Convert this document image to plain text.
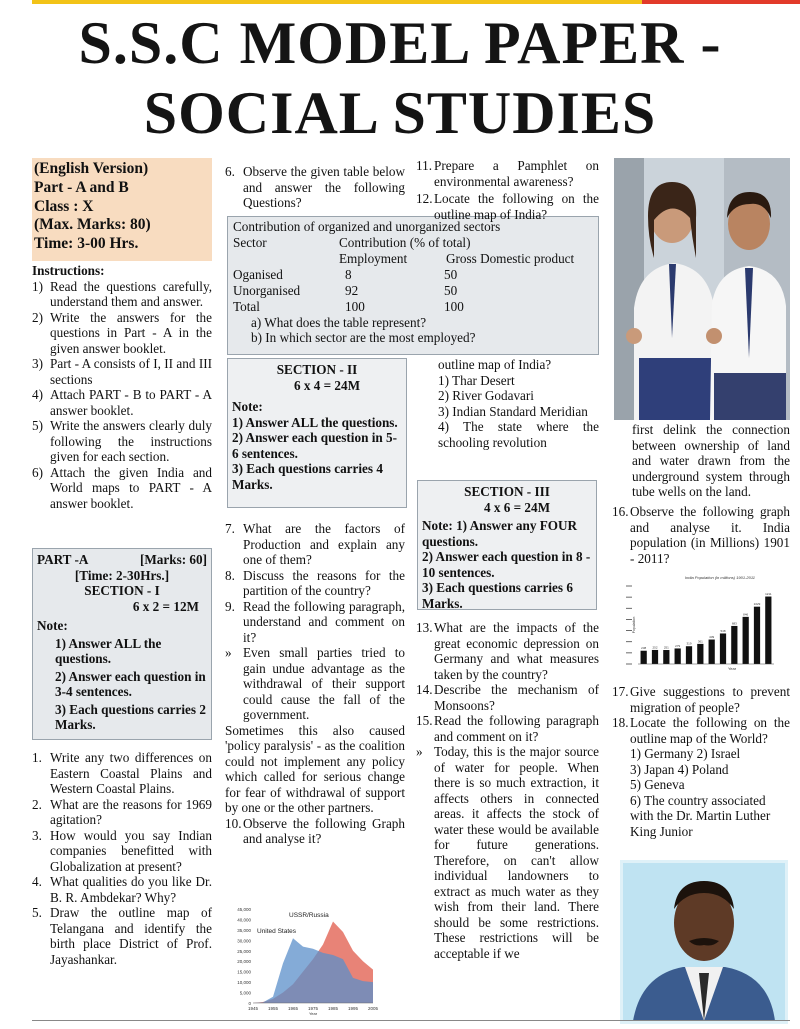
S.S.C MODEL PAPER -
SOCIAL STUDIES
(English Version)
Part - A and B
Class : X
(Max. Marks: 80)
Time: 3-00 Hrs.
Instructions:
1) Read the questions carefully, understand them and answer.
2) Write the answers for the questions in Part - A in the given answer booklet.
3) Part - A consists of I, II and III sections
4) Attach PART - B to PART - A answer booklet.
5) Write the answers clearly duly following the instructions given for each section.
6) Attach the given India and World maps to PART - A answer booklet.
PART -A	[Marks: 60]
[Time: 2-30Hrs.]
SECTION - I
6 x 2 = 12M
Note:
1) Answer ALL the questions.
2) Answer each question in 3-4 sentences.
3) Each questions carries 2 Marks.
1. Write any two differences on Eastern Coastal Plains and Western Coastal Plains.
2. What are the reasons for 1969 agitation?
3. How would you say Indian companies benefitted with Globalization at present?
4. What qualities do you like Dr. B. R. Ambdekar? Why?
5. Draw the outline map of Telangana and identify the birth place District of Prof. Jayashankar.
6. Observe the given table below and answer the following Questions?
Contribution of organized and unorganized sectors
Sector	Contribution (% of total)
Employment	Gross Domestic product
Oganised	8	50
Unorganised	92	50
Total	100	100
a) What does the table represent?
b) In which sector are the most employed?
SECTION - II
6 x 4 = 24M
Note:
1) Answer ALL the questions.
2) Answer each question in 5-6 sentences.
3) Each questions carries 4 Marks.
7. What are the factors of Production and explain any one of them?
8. Discuss the reasons for the partition of the country?
9. Read the following paragraph, understand and comment on it?
» Even small parties tried to gain undue advantage as the withdrawal of their support could cause the fall of the government.
Sometimes this also caused 'policy paralysis' - as the coalition could not implement any policy which called for serious change for fear of withdrawal of support by one or the other partners.
10. Observe the following Graph and analyse it?
45,000
40,000
35,000
30,000
25,000
20,000
15,000
10,000
5,000
0
1945 1955 1965 1975 1985 1995 2005
Year
USSR/Russia
United States
11. Prepare a Pamphlet on environmental awareness?
12. Locate the following on the outline map of India?
outline map of India?
1) Thar Desert
2) River Godavari
3) Indian Standard Meridian
4) The state where the schooling revolution
SECTION - III
4 x 6 = 24M
Note: 1) Answer any FOUR questions.
2) Answer each question in 8 - 10 sentences.
3) Each questions carries 6 Marks.
13. What are the impacts of the great economic depression on Germany and what measures taken by the country?
14. Describe the mechanism of Monsoons?
15. Read the following paragraph and comment on it?
» Today, this is the major source of water for people. When there is so much extraction, it affects others in connected areas. it affects the stock of water these would be available for future generations. Therefore, on can't allow individual landowners to extract as much water as they wish from their land. There should be some restrictions. These restrictions will be acceptable if we
first delink the connection between ownership of land and water drawn from the underground system through tube wells on the land.
16. Observe the following graph and analyse it. India population (in Millions) 1901 - 2011?
India Population (in millions) 1901-2011
238 252 251 279
319
361
439
548
683
846
1029
1211
Population
Year
17. Give suggestions to prevent migration of people?
18. Locate the following on the outline map of the World?
1) Germany 2) Israel
3) Japan 4) Poland
5) Geneva
6) The country associated with the Dr. Martin Luther King Junior
